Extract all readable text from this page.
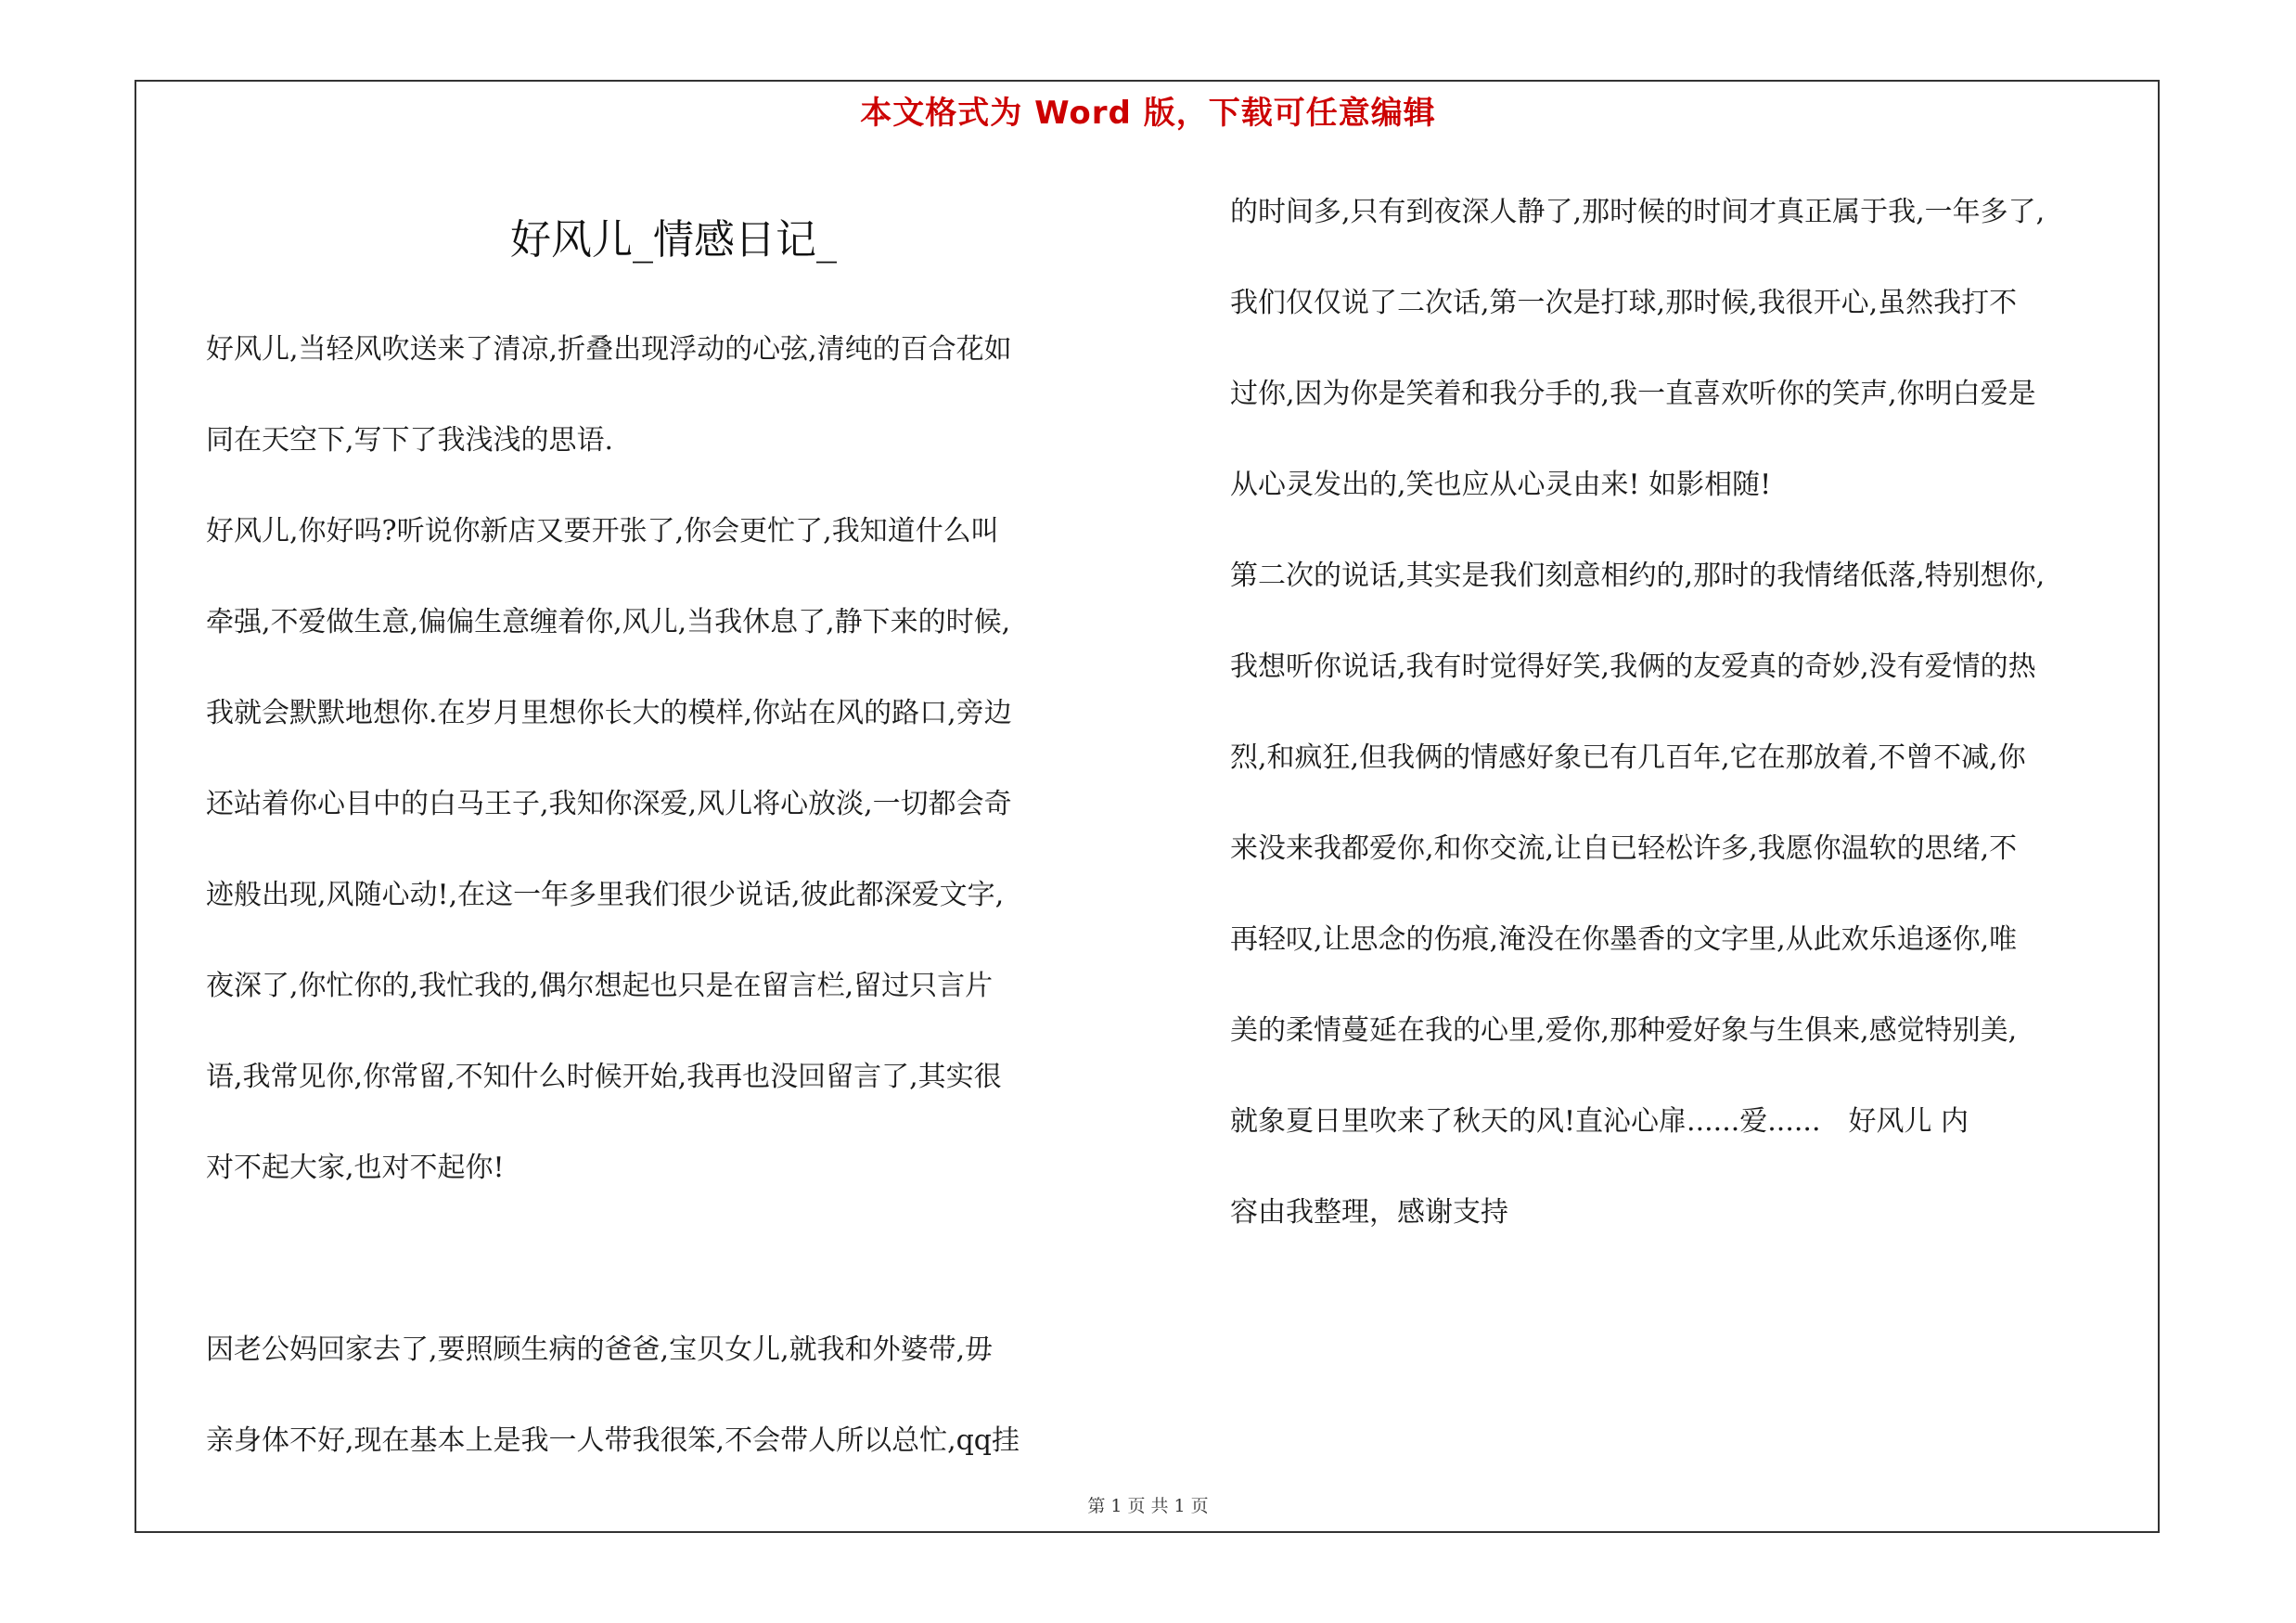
本文格式为 Word 版，下载可任意编辑
好风儿_情感日记_
好风儿,当轻风吹送来了清凉,折叠出现浮动的心弦,清纯的百合花如
同在天空下,写下了我浅浅的思语.
好风儿,你好吗?听说你新店又要开张了,你会更忙了,我知道什么叫
牵强,不爱做生意,偏偏生意缠着你,风儿,当我休息了,静下来的时候,
我就会默默地想你.在岁月里想你长大的模样,你站在风的路口,旁边
还站着你心目中的白马王子,我知你深爱,风儿将心放淡,一切都会奇
迹般出现,风随心动!,在这一年多里我们很少说话,彼此都深爱文字,
夜深了,你忙你的,我忙我的,偶尔想起也只是在留言栏,留过只言片
语,我常见你,你常留,不知什么时候开始,我再也没回留言了,其实很
对不起大家,也对不起你!
因老公妈回家去了,要照顾生病的爸爸,宝贝女儿,就我和外婆带,毋
亲身体不好,现在基本上是我一人带我很笨,不会带人所以总忙,qq挂
的时间多,只有到夜深人静了,那时候的时间才真正属于我,一年多了,
我们仅仅说了二次话,第一次是打球,那时候,我很开心,虽然我打不
过你,因为你是笑着和我分手的,我一直喜欢听你的笑声,你明白爱是
从心灵发出的,笑也应从心灵由来! 如影相随!
第二次的说话,其实是我们刻意相约的,那时的我情绪低落,特别想你,
我想听你说话,我有时觉得好笑,我俩的友爱真的奇妙,没有爱情的热
烈,和疯狂,但我俩的情感好象已有几百年,它在那放着,不曾不减,你
来没来我都爱你,和你交流,让自已轻松许多,我愿你温软的思绪,不
再轻叹,让思念的伤痕,淹没在你墨香的文字里,从此欢乐追逐你,唯
美的柔情蔓延在我的心里,爱你,那种爱好象与生俱来,感觉特别美,
就象夏日里吹来了秋天的风!直沁心扉......爱......　好风儿 内
容由我整理，感谢支持
第 1 页 共 1 页
